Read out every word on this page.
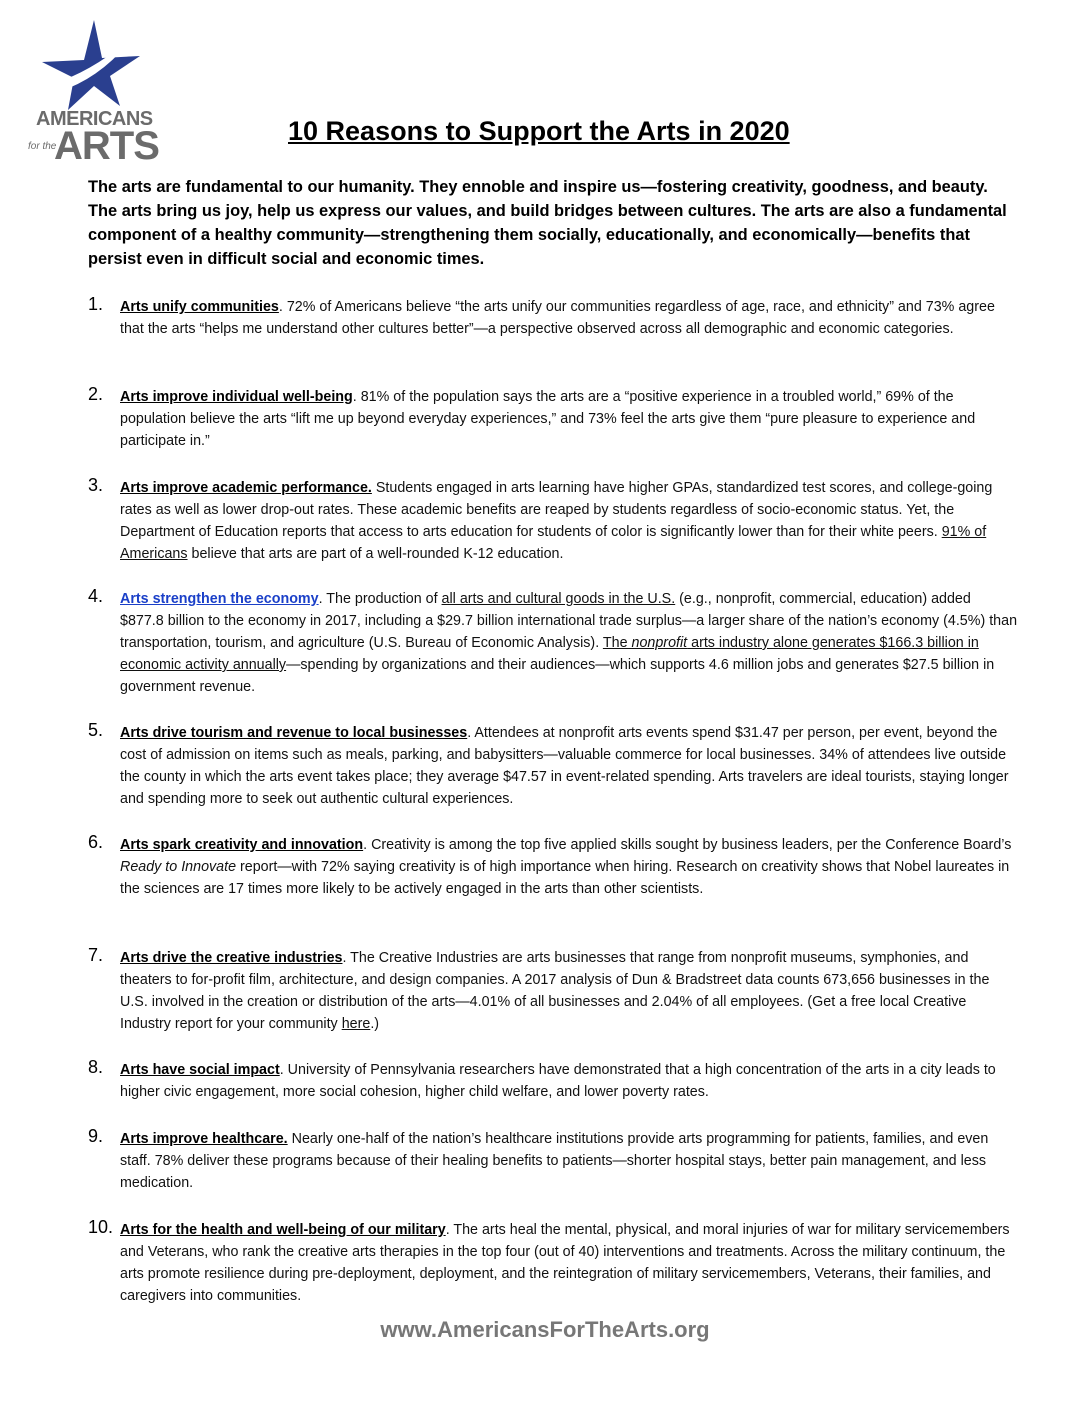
AMERICANS
for the
ARTS	10 Reasons to Support the Arts in 2020

The arts are fundamental to our humanity. They ennoble and inspire us—fostering creativity, goodness, and beauty. The arts bring us joy, help us express our values, and build bridges between cultures. The arts are also a fundamental component of a healthy community—strengthening them socially, educationally, and economically—benefits that persist even in difficult social and economic times.

1. Arts unify communities. 72% of Americans believe “the arts unify our communities regardless of age, race, and ethnicity” and 73% agree that the arts “helps me understand other cultures better”—a perspective observed across all demographic and economic categories.
2. Arts improve individual well-being. 81% of the population says the arts are a “positive experience in a troubled world,” 69% of the population believe the arts “lift me up beyond everyday experiences,” and 73% feel the arts give them “pure pleasure to experience and participate in.”
3. Arts improve academic performance. Students engaged in arts learning have higher GPAs, standardized test scores, and college-going rates as well as lower drop-out rates. These academic benefits are reaped by students regardless of socio-economic status. Yet, the Department of Education reports that access to arts education for students of color is significantly lower than for their white peers. 91% of Americans believe that arts are part of a well-rounded K-12 education.
4. Arts strengthen the economy. The production of all arts and cultural goods in the U.S. (e.g., nonprofit, commercial, education) added $877.8 billion to the economy in 2017, including a $29.7 billion international trade surplus—a larger share of the nation’s economy (4.5%) than transportation, tourism, and agriculture (U.S. Bureau of Economic Analysis). The nonprofit arts industry alone generates $166.3 billion in economic activity annually—spending by organizations and their audiences—which supports 4.6 million jobs and generates $27.5 billion in government revenue.
5. Arts drive tourism and revenue to local businesses. Attendees at nonprofit arts events spend $31.47 per person, per event, beyond the cost of admission on items such as meals, parking, and babysitters—valuable commerce for local businesses. 34% of attendees live outside the county in which the arts event takes place; they average $47.57 in event-related spending. Arts travelers are ideal tourists, staying longer and spending more to seek out authentic cultural experiences.
6. Arts spark creativity and innovation. Creativity is among the top five applied skills sought by business leaders, per the Conference Board’s Ready to Innovate report—with 72% saying creativity is of high importance when hiring. Research on creativity shows that Nobel laureates in the sciences are 17 times more likely to be actively engaged in the arts than other scientists.
7. Arts drive the creative industries. The Creative Industries are arts businesses that range from nonprofit museums, symphonies, and theaters to for-profit film, architecture, and design companies. A 2017 analysis of Dun & Bradstreet data counts 673,656 businesses in the U.S. involved in the creation or distribution of the arts—4.01% of all businesses and 2.04% of all employees. (Get a free local Creative Industry report for your community here.)
8. Arts have social impact. University of Pennsylvania researchers have demonstrated that a high concentration of the arts in a city leads to higher civic engagement, more social cohesion, higher child welfare, and lower poverty rates.
9. Arts improve healthcare. Nearly one-half of the nation’s healthcare institutions provide arts programming for patients, families, and even staff. 78% deliver these programs because of their healing benefits to patients—shorter hospital stays, better pain management, and less medication.
10. Arts for the health and well-being of our military. The arts heal the mental, physical, and moral injuries of war for military servicemembers and Veterans, who rank the creative arts therapies in the top four (out of 40) interventions and treatments. Across the military continuum, the arts promote resilience during pre-deployment, deployment, and the reintegration of military servicemembers, Veterans, their families, and caregivers into communities.

www.AmericansForTheArts.org
